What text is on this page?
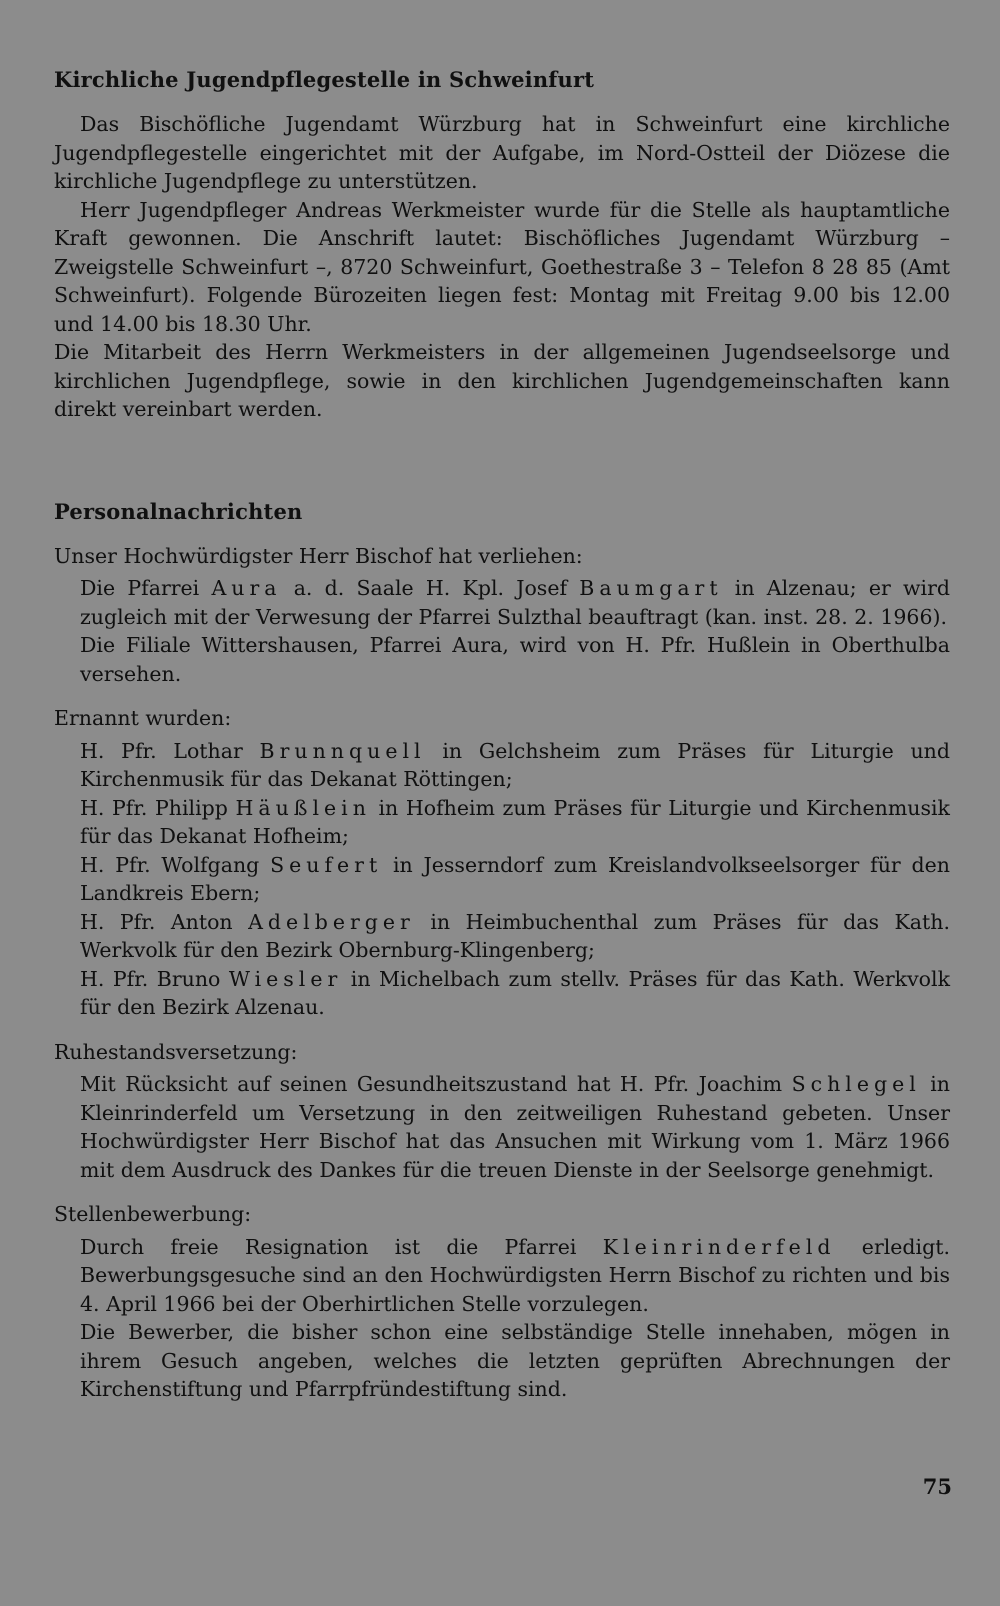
Kirchliche Jugendpflegestelle in Schweinfurt

Das Bischöfliche Jugendamt Würzburg hat in Schweinfurt eine kirchliche Jugendpflegestelle eingerichtet mit der Aufgabe, im Nord-Ostteil der Diözese die kirchliche Jugendpflege zu unterstützen.

Herr Jugendpfleger Andreas Werkmeister wurde für die Stelle als hauptamtliche Kraft gewonnen. Die Anschrift lautet: Bischöfliches Jugendamt Würzburg – Zweigstelle Schweinfurt –, 8720 Schweinfurt, Goethestraße 3 – Telefon 8 28 85 (Amt Schweinfurt). Folgende Bürozeiten liegen fest: Montag mit Freitag 9.00 bis 12.00 und 14.00 bis 18.30 Uhr.

Die Mitarbeit des Herrn Werkmeisters in der allgemeinen Jugendseelsorge und kirchlichen Jugendpflege, sowie in den kirchlichen Jugendgemeinschaften kann direkt vereinbart werden.

Personalnachrichten

Unser Hochwürdigster Herr Bischof hat verliehen:

Die Pfarrei Aura a. d. Saale H. Kpl. Josef Baumgart in Alzenau; er wird zugleich mit der Verwesung der Pfarrei Sulzthal beauftragt (kan. inst. 28. 2. 1966).

Die Filiale Wittershausen, Pfarrei Aura, wird von H. Pfr. Hußlein in Oberthulba versehen.

Ernannt wurden:

H. Pfr. Lothar Brunnquell in Gelchsheim zum Präses für Liturgie und Kirchenmusik für das Dekanat Röttingen;

H. Pfr. Philipp Häußlein in Hofheim zum Präses für Liturgie und Kirchenmusik für das Dekanat Hofheim;

H. Pfr. Wolfgang Seufert in Jesserndorf zum Kreislandvolkseelsorger für den Landkreis Ebern;

H. Pfr. Anton Adelberger in Heimbuchenthal zum Präses für das Kath. Werkvolk für den Bezirk Obernburg-Klingenberg;

H. Pfr. Bruno Wiesler in Michelbach zum stellv. Präses für das Kath. Werkvolk für den Bezirk Alzenau.

Ruhestandsversetzung:

Mit Rücksicht auf seinen Gesundheitszustand hat H. Pfr. Joachim Schlegel in Kleinrinderfeld um Versetzung in den zeitweiligen Ruhestand gebeten. Unser Hochwürdigster Herr Bischof hat das Ansuchen mit Wirkung vom 1. März 1966 mit dem Ausdruck des Dankes für die treuen Dienste in der Seelsorge genehmigt.

Stellenbewerbung:

Durch freie Resignation ist die Pfarrei Kleinrinderfeld erledigt. Bewerbungsgesuche sind an den Hochwürdigsten Herrn Bischof zu richten und bis 4. April 1966 bei der Oberhirtlichen Stelle vorzulegen.

Die Bewerber, die bisher schon eine selbständige Stelle innehaben, mögen in ihrem Gesuch angeben, welches die letzten geprüften Abrechnungen der Kirchenstiftung und Pfarrpfründestiftung sind.

75
